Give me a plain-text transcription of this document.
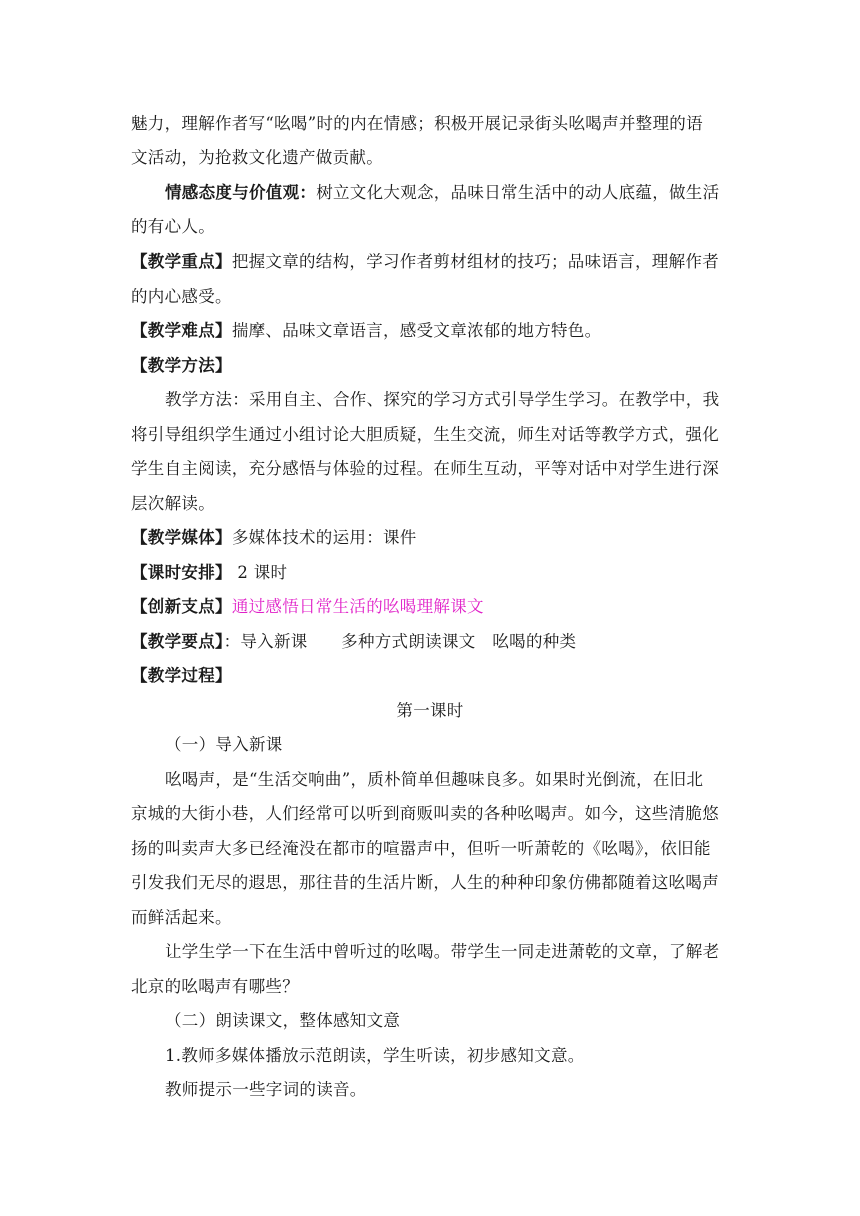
魅力，理解作者写“吆喝”时的内在情感；积极开展记录街头吆喝声并整理的语
文活动，为抢救文化遗产做贡献。
情感态度与价值观：树立文化大观念，品味日常生活中的动人底蕴，做生活
的有心人。
【教学重点】把握文章的结构，学习作者剪材组材的技巧；品味语言，理解作者
的内心感受。
【教学难点】揣摩、品味文章语言，感受文章浓郁的地方特色。
【教学方法】
教学方法：采用自主、合作、探究的学习方式引导学生学习。在教学中，我
将引导组织学生通过小组讨论大胆质疑，生生交流，师生对话等教学方式，强化
学生自主阅读，充分感悟与体验的过程。在师生互动，平等对话中对学生进行深
层次解读。
【教学媒体】多媒体技术的运用：课件
【课时安排】 2 课时
【创新支点】通过感悟日常生活的吆喝理解课文
【教学要点】：导入新课　　多种方式朗读课文　吆喝的种类
【教学过程】
第一课时
（一）导入新课
吆喝声，是“生活交响曲”，质朴简单但趣味良多。如果时光倒流，在旧北
京城的大街小巷，人们经常可以听到商贩叫卖的各种吆喝声。如今，这些清脆悠
扬的叫卖声大多已经淹没在都市的喧嚣声中，但听一听萧乾的《吆喝》，依旧能
引发我们无尽的遐思，那往昔的生活片断，人生的种种印象仿佛都随着这吆喝声
而鲜活起来。
让学生学一下在生活中曾听过的吆喝。带学生一同走进萧乾的文章，了解老
北京的吆喝声有哪些？
（二）朗读课文，整体感知文意
1.教师多媒体播放示范朗读，学生听读，初步感知文意。
教师提示一些字词的读音。
